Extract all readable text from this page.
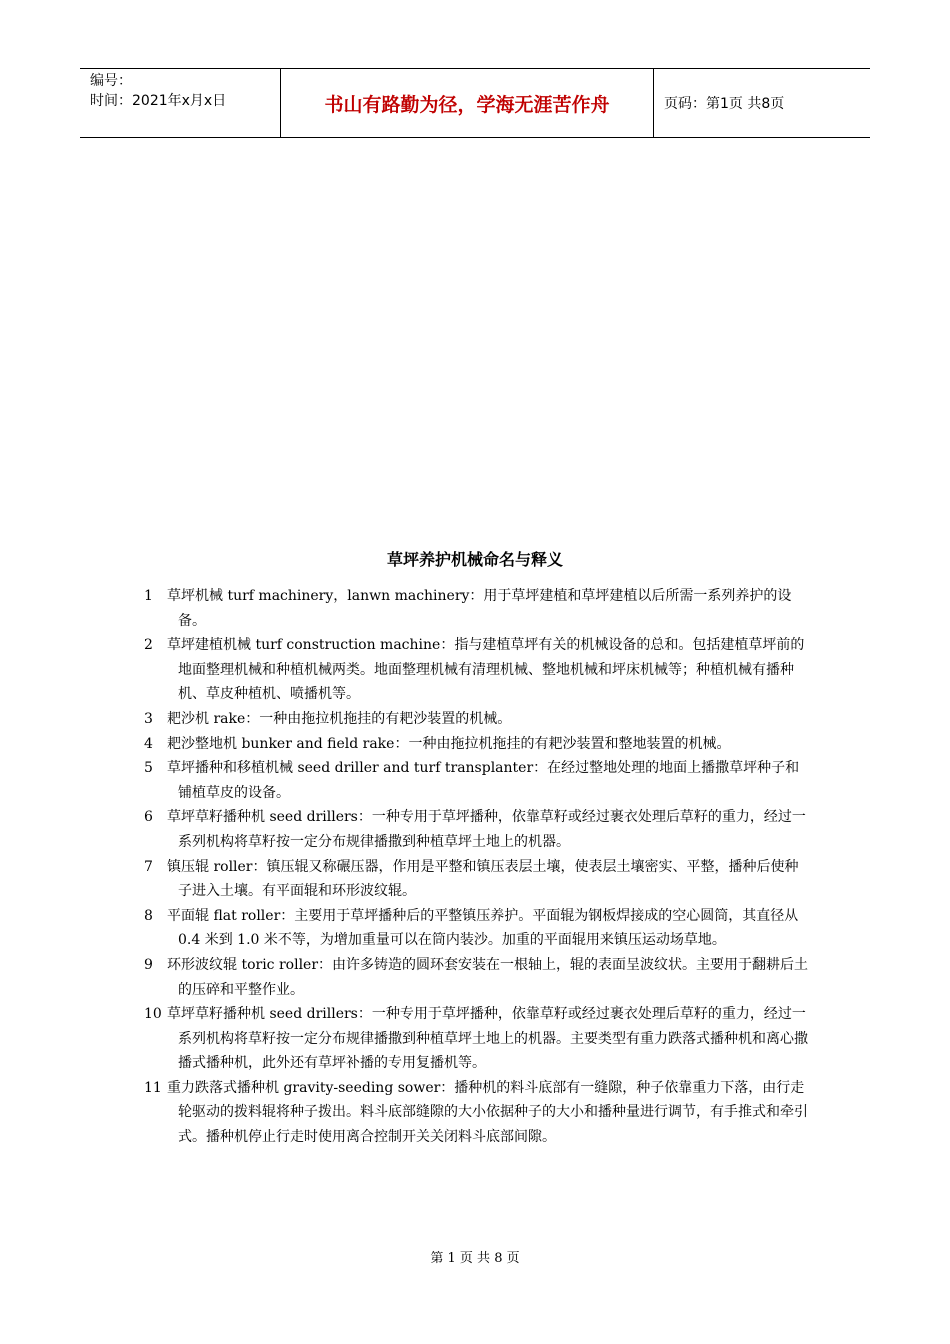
编号：
时间：2021年x月x日	书山有路勤为径，学海无涯苦作舟	页码：第1页 共8页
草坪养护机械命名与释义

1 草坪机械 turf machinery，lanwn machinery：用于草坪建植和草坪建植以后所需一系列养护的设备。

2 草坪建植机械 turf construction machine：指与建植草坪有关的机械设备的总和。包括建植草坪前的地面整理机械和种植机械两类。地面整理机械有清理机械、整地机械和坪床机械等；种植机械有播种机、草皮种植机、喷播机等。

3 耙沙机 rake：一种由拖拉机拖挂的有耙沙装置的机械。

4 耙沙整地机 bunker and field rake：一种由拖拉机拖挂的有耙沙装置和整地装置的机械。

5 草坪播种和移植机械 seed driller and turf transplanter：在经过整地处理的地面上播撒草坪种子和铺植草皮的设备。

6 草坪草籽播种机 seed drillers：一种专用于草坪播种，依靠草籽或经过裹衣处理后草籽的重力，经过一系列机构将草籽按一定分布规律播撒到种植草坪土地上的机器。

7 镇压辊 roller：镇压辊又称碾压器，作用是平整和镇压表层土壤，使表层土壤密实、平整，播种后使种子进入土壤。有平面辊和环形波纹辊。

8 平面辊 flat roller：主要用于草坪播种后的平整镇压养护。平面辊为钢板焊接成的空心圆筒，其直径从 0.4 米到 1.0 米不等，为增加重量可以在筒内装沙。加重的平面辊用来镇压运动场草地。

9 环形波纹辊 toric roller：由许多铸造的圆环套安装在一根轴上，辊的表面呈波纹状。主要用于翻耕后土的压碎和平整作业。

10 草坪草籽播种机 seed drillers：一种专用于草坪播种，依靠草籽或经过裹衣处理后草籽的重力，经过一系列机构将草籽按一定分布规律播撒到种植草坪土地上的机器。主要类型有重力跌落式播种机和离心撒播式播种机，此外还有草坪补播的专用复播机等。

11 重力跌落式播种机 gravity-seeding sower：播种机的料斗底部有一缝隙，种子依靠重力下落，由行走轮驱动的拨料辊将种子拨出。料斗底部缝隙的大小依据种子的大小和播种量进行调节，有手推式和牵引式。播种机停止行走时使用离合控制开关关闭料斗底部间隙。

第 1 页 共 8 页
